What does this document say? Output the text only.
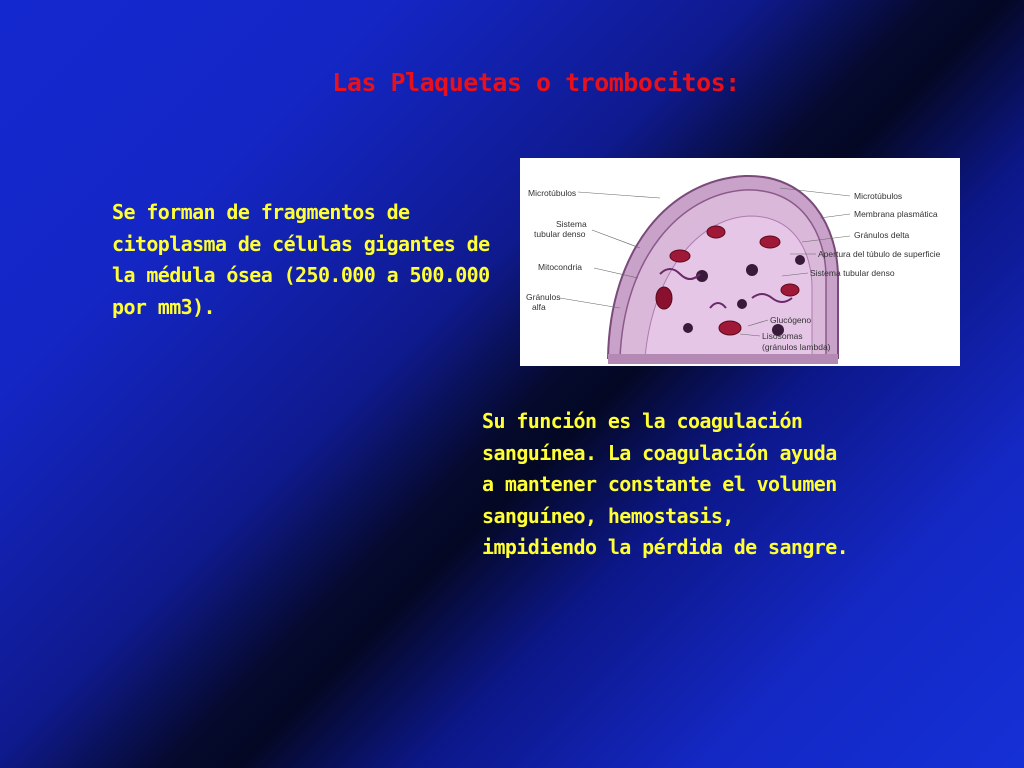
Las Plaquetas o trombocitos:

Se forman de fragmentos de citoplasma de células gigantes de la médula ósea (250.000 a 500.000 por mm3).

Microtúbulos
Sistema
tubular denso
Mitocondria
Gránulos
alfa
Microtúbulos
Membrana plasmática
Gránulos delta
Apertura del túbulo de superficie
Sistema tubular denso
Glucógeno
Lisosomas
(gránulos lambda)

Su función es la coagulación sanguínea. La coagulación ayuda a mantener constante el volumen sanguíneo, hemostasis, impidiendo la pérdida de sangre.
